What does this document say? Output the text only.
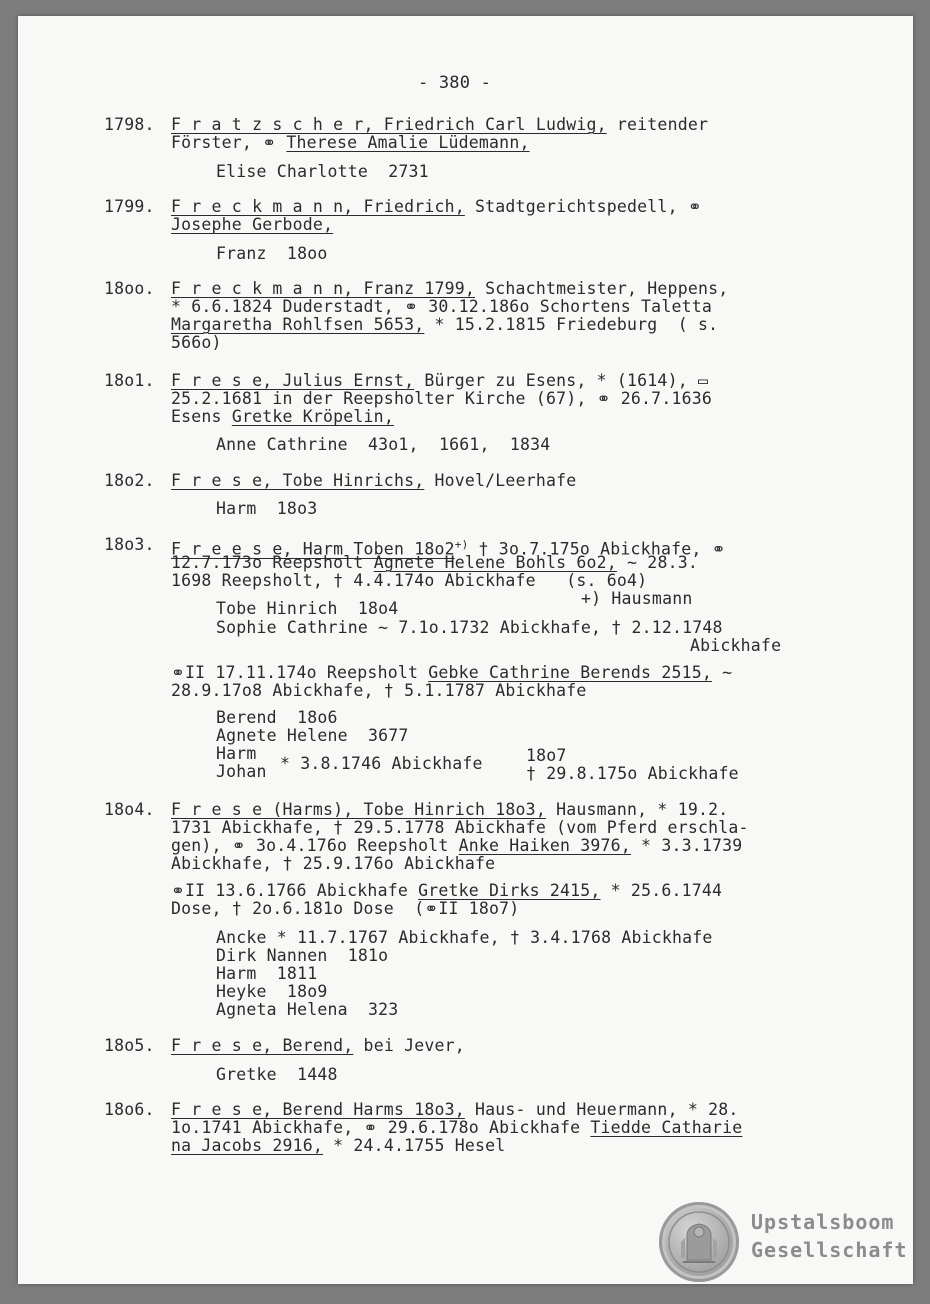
- 380 -
1798. F r a t z s c h e r, Friedrich Carl Ludwig, reitender
Förster, ⚭ Therese Amalie Lüdemann,
Elise Charlotte  2731
1799. F r e c k m a n n, Friedrich, Stadtgerichtspedell, ⚭
Josephe Gerbode,
Franz  18oo
18oo. F r e c k m a n n, Franz 1799, Schachtmeister, Heppens,
* 6.6.1824 Duderstadt, ⚭ 30.12.186o Schortens Taletta
Margaretha Rohlfsen 5653, * 15.2.1815 Friedeburg  ( s.
566o)
18o1. F r e s e, Julius Ernst, Bürger zu Esens, * (1614), ▭
25.2.1681 in der Reepsholter Kirche (67), ⚭ 26.7.1636
Esens Gretke Kröpelin,
Anne Cathrine  43o1,  1661,  1834
18o2. F r e s e, Tobe Hinrichs, Hovel/Leerhafe
Harm  18o3
18o3. F r e e s e, Harm Toben 18o2+) † 3o.7.175o Abickhafe, ⚭
12.7.173o Reepsholt Agnete Helene Bohls 6o2, ~ 28.3.
1698 Reepsholt, † 4.4.174o Abickhafe   (s. 6o4)
+) Hausmann
Tobe Hinrich  18o4
Sophie Cathrine ~ 7.1o.1732 Abickhafe, † 2.12.1748
Abickhafe
⚭II 17.11.174o Reepsholt Gebke Cathrine Berends 2515, ~
28.9.17o8 Abickhafe, † 5.1.1787 Abickhafe
Berend  18o6
Agnete Helene  3677
Harm
Johan * 3.8.1746 Abickhafe	18o7
† 29.8.175o Abickhafe
18o4. F r e s e (Harms), Tobe Hinrich 18o3, Hausmann, * 19.2.
1731 Abickhafe, † 29.5.1778 Abickhafe (vom Pferd erschla-
gen), ⚭ 3o.4.176o Reepsholt Anke Haiken 3976, * 3.3.1739
Abickhafe, † 25.9.176o Abickhafe
⚭II 13.6.1766 Abickhafe Gretke Dirks 2415, * 25.6.1744
Dose, † 2o.6.181o Dose  (⚭II 18o7)
Ancke * 11.7.1767 Abickhafe, † 3.4.1768 Abickhafe
Dirk Nannen  181o
Harm  1811
Heyke  18o9
Agneta Helena  323
18o5. F r e s e, Berend, bei Jever,
Gretke  1448
18o6. F r e s e, Berend Harms 18o3, Haus- und Heuermann, * 28.
1o.1741 Abickhafe, ⚭ 29.6.178o Abickhafe Tiedde Catharie
na Jacobs 2916, * 24.4.1755 Hesel
Upstalsboom
Gesellschaft
